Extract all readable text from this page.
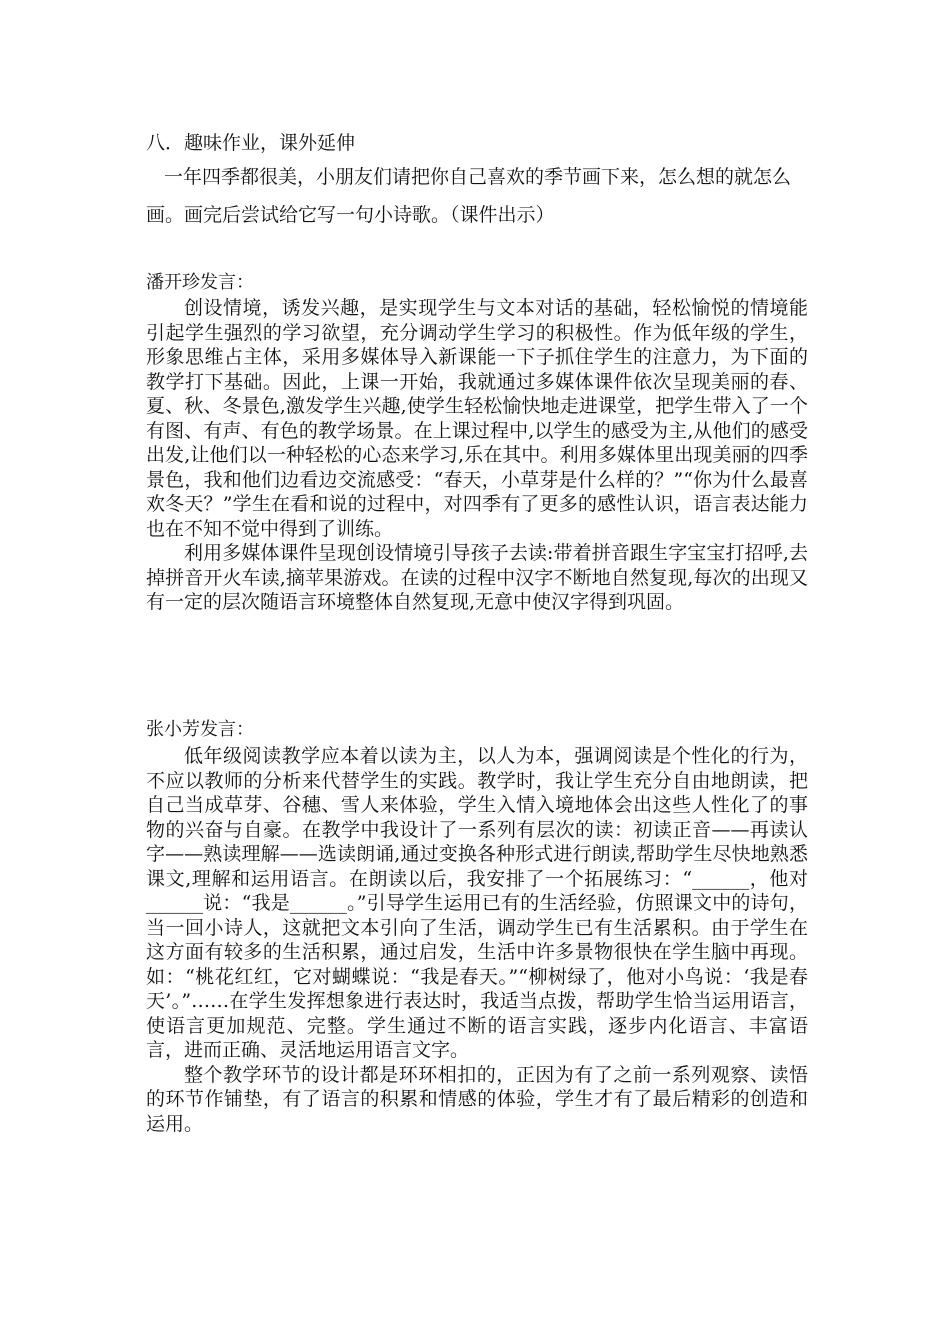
八．趣味作业，课外延伸
一年四季都很美，小朋友们请把你自己喜欢的季节画下来，怎么想的就怎么画。画完后尝试给它写一句小诗歌。（课件出示）
潘开珍发言：

创设情境，诱发兴趣，是实现学生与文本对话的基础，轻松愉悦的情境能引起学生强烈的学习欲望，充分调动学生学习的积极性。作为低年级的学生，形象思维占主体，采用多媒体导入新课能一下子抓住学生的注意力，为下面的教学打下基础。因此，上课一开始，我就通过多媒体课件依次呈现美丽的春、夏、秋、冬景色,激发学生兴趣,使学生轻松愉快地走进课堂，把学生带入了一个有图、有声、有色的教学场景。在上课过程中,以学生的感受为主,从他们的感受出发,让他们以一种轻松的心态来学习,乐在其中。利用多媒体里出现美丽的四季景色，我和他们边看边交流感受：“春天，小草芽是什么样的？”“你为什么最喜欢冬天？”学生在看和说的过程中，对四季有了更多的感性认识，语言表达能力也在不知不觉中得到了训练。

利用多媒体课件呈现创设情境引导孩子去读:带着拼音跟生字宝宝打招呼,去掉拼音开火车读,摘苹果游戏。在读的过程中汉字不断地自然复现,每次的出现又有一定的层次随语言环境整体自然复现,无意中使汉字得到巩固。

张小芳发言：

低年级阅读教学应本着以读为主，以人为本，强调阅读是个性化的行为，不应以教师的分析来代替学生的实践。教学时，我让学生充分自由地朗读，把自己当成草芽、谷穗、雪人来体验，学生入情入境地体会出这些人性化了的事物的兴奋与自豪。在教学中我设计了一系列有层次的读：初读正音——再读认字——熟读理解——选读朗诵,通过变换各种形式进行朗读,帮助学生尽快地熟悉课文,理解和运用语言。在朗读以后，我安排了一个拓展练习：“______，他对______说：“我是______。”引导学生运用已有的生活经验，仿照课文中的诗句，当一回小诗人，这就把文本引向了生活，调动学生已有生活累积。由于学生在这方面有较多的生活积累，通过启发，生活中许多景物很快在学生脑中再现。如：“桃花红红，它对蝴蝶说：“我是春天。”“柳树绿了，他对小鸟说：‘我是春天’。”……在学生发挥想象进行表达时，我适当点拨，帮助学生恰当运用语言，使语言更加规范、完整。学生通过不断的语言实践，逐步内化语言、丰富语言，进而正确、灵活地运用语言文字。

整个教学环节的设计都是环环相扣的，正因为有了之前一系列观察、读悟的环节作铺垫，有了语言的积累和情感的体验，学生才有了最后精彩的创造和运用。
